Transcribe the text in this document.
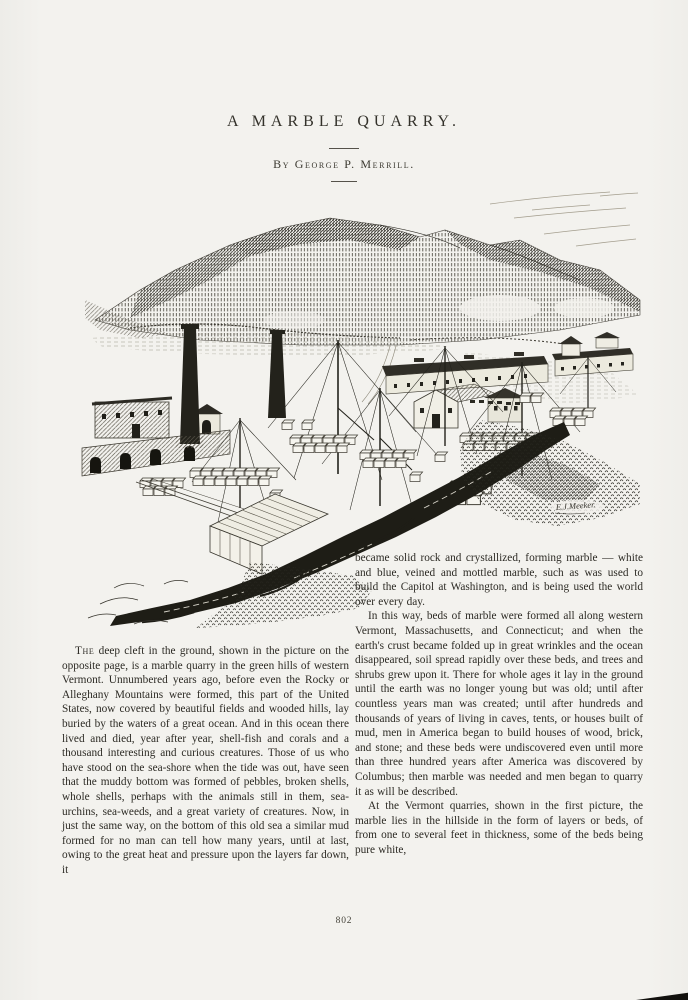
A MARBLE QUARRY.
By George P. Merrill.
E.J.Meeker.

The deep cleft in the ground, shown in the picture on the opposite page, is a marble quarry in the green hills of western Vermont. Unnumbered years ago, before even the Rocky or Alleghany Mountains were formed, this part of the United States, now covered by beautiful fields and wooded hills, lay buried by the waters of a great ocean. And in this ocean there lived and died, year after year, shell-fish and corals and a thousand interesting and curious creatures. Those of us who have stood on the sea-shore when the tide was out, have seen that the muddy bottom was formed of pebbles, broken shells, whole shells, perhaps with the animals still in them, sea-urchins, sea-weeds, and a great variety of creatures. Now, in just the same way, on the bottom of this old sea a similar mud formed for no man can tell how many years, until at last, owing to the great heat and pressure upon the layers far down, it

became solid rock and crystallized, forming marble — white and blue, veined and mottled marble, such as was used to build the Capitol at Washington, and is being used the world over every day.

In this way, beds of marble were formed all along western Vermont, Massachusetts, and Connecticut; and when the earth's crust became folded up in great wrinkles and the ocean disappeared, soil spread rapidly over these beds, and trees and shrubs grew upon it. There for whole ages it lay in the ground until the earth was no longer young but was old; until after countless years man was created; until after hundreds and thousands of years of living in caves, tents, or houses built of mud, men in America began to build houses of wood, brick, and stone; and these beds were undiscovered even until more than three hundred years after America was discovered by Columbus; then marble was needed and men began to quarry it as will be described.

At the Vermont quarries, shown in the first picture, the marble lies in the hillside in the form of layers or beds, of from one to several feet in thickness, some of the beds being pure white,

802
